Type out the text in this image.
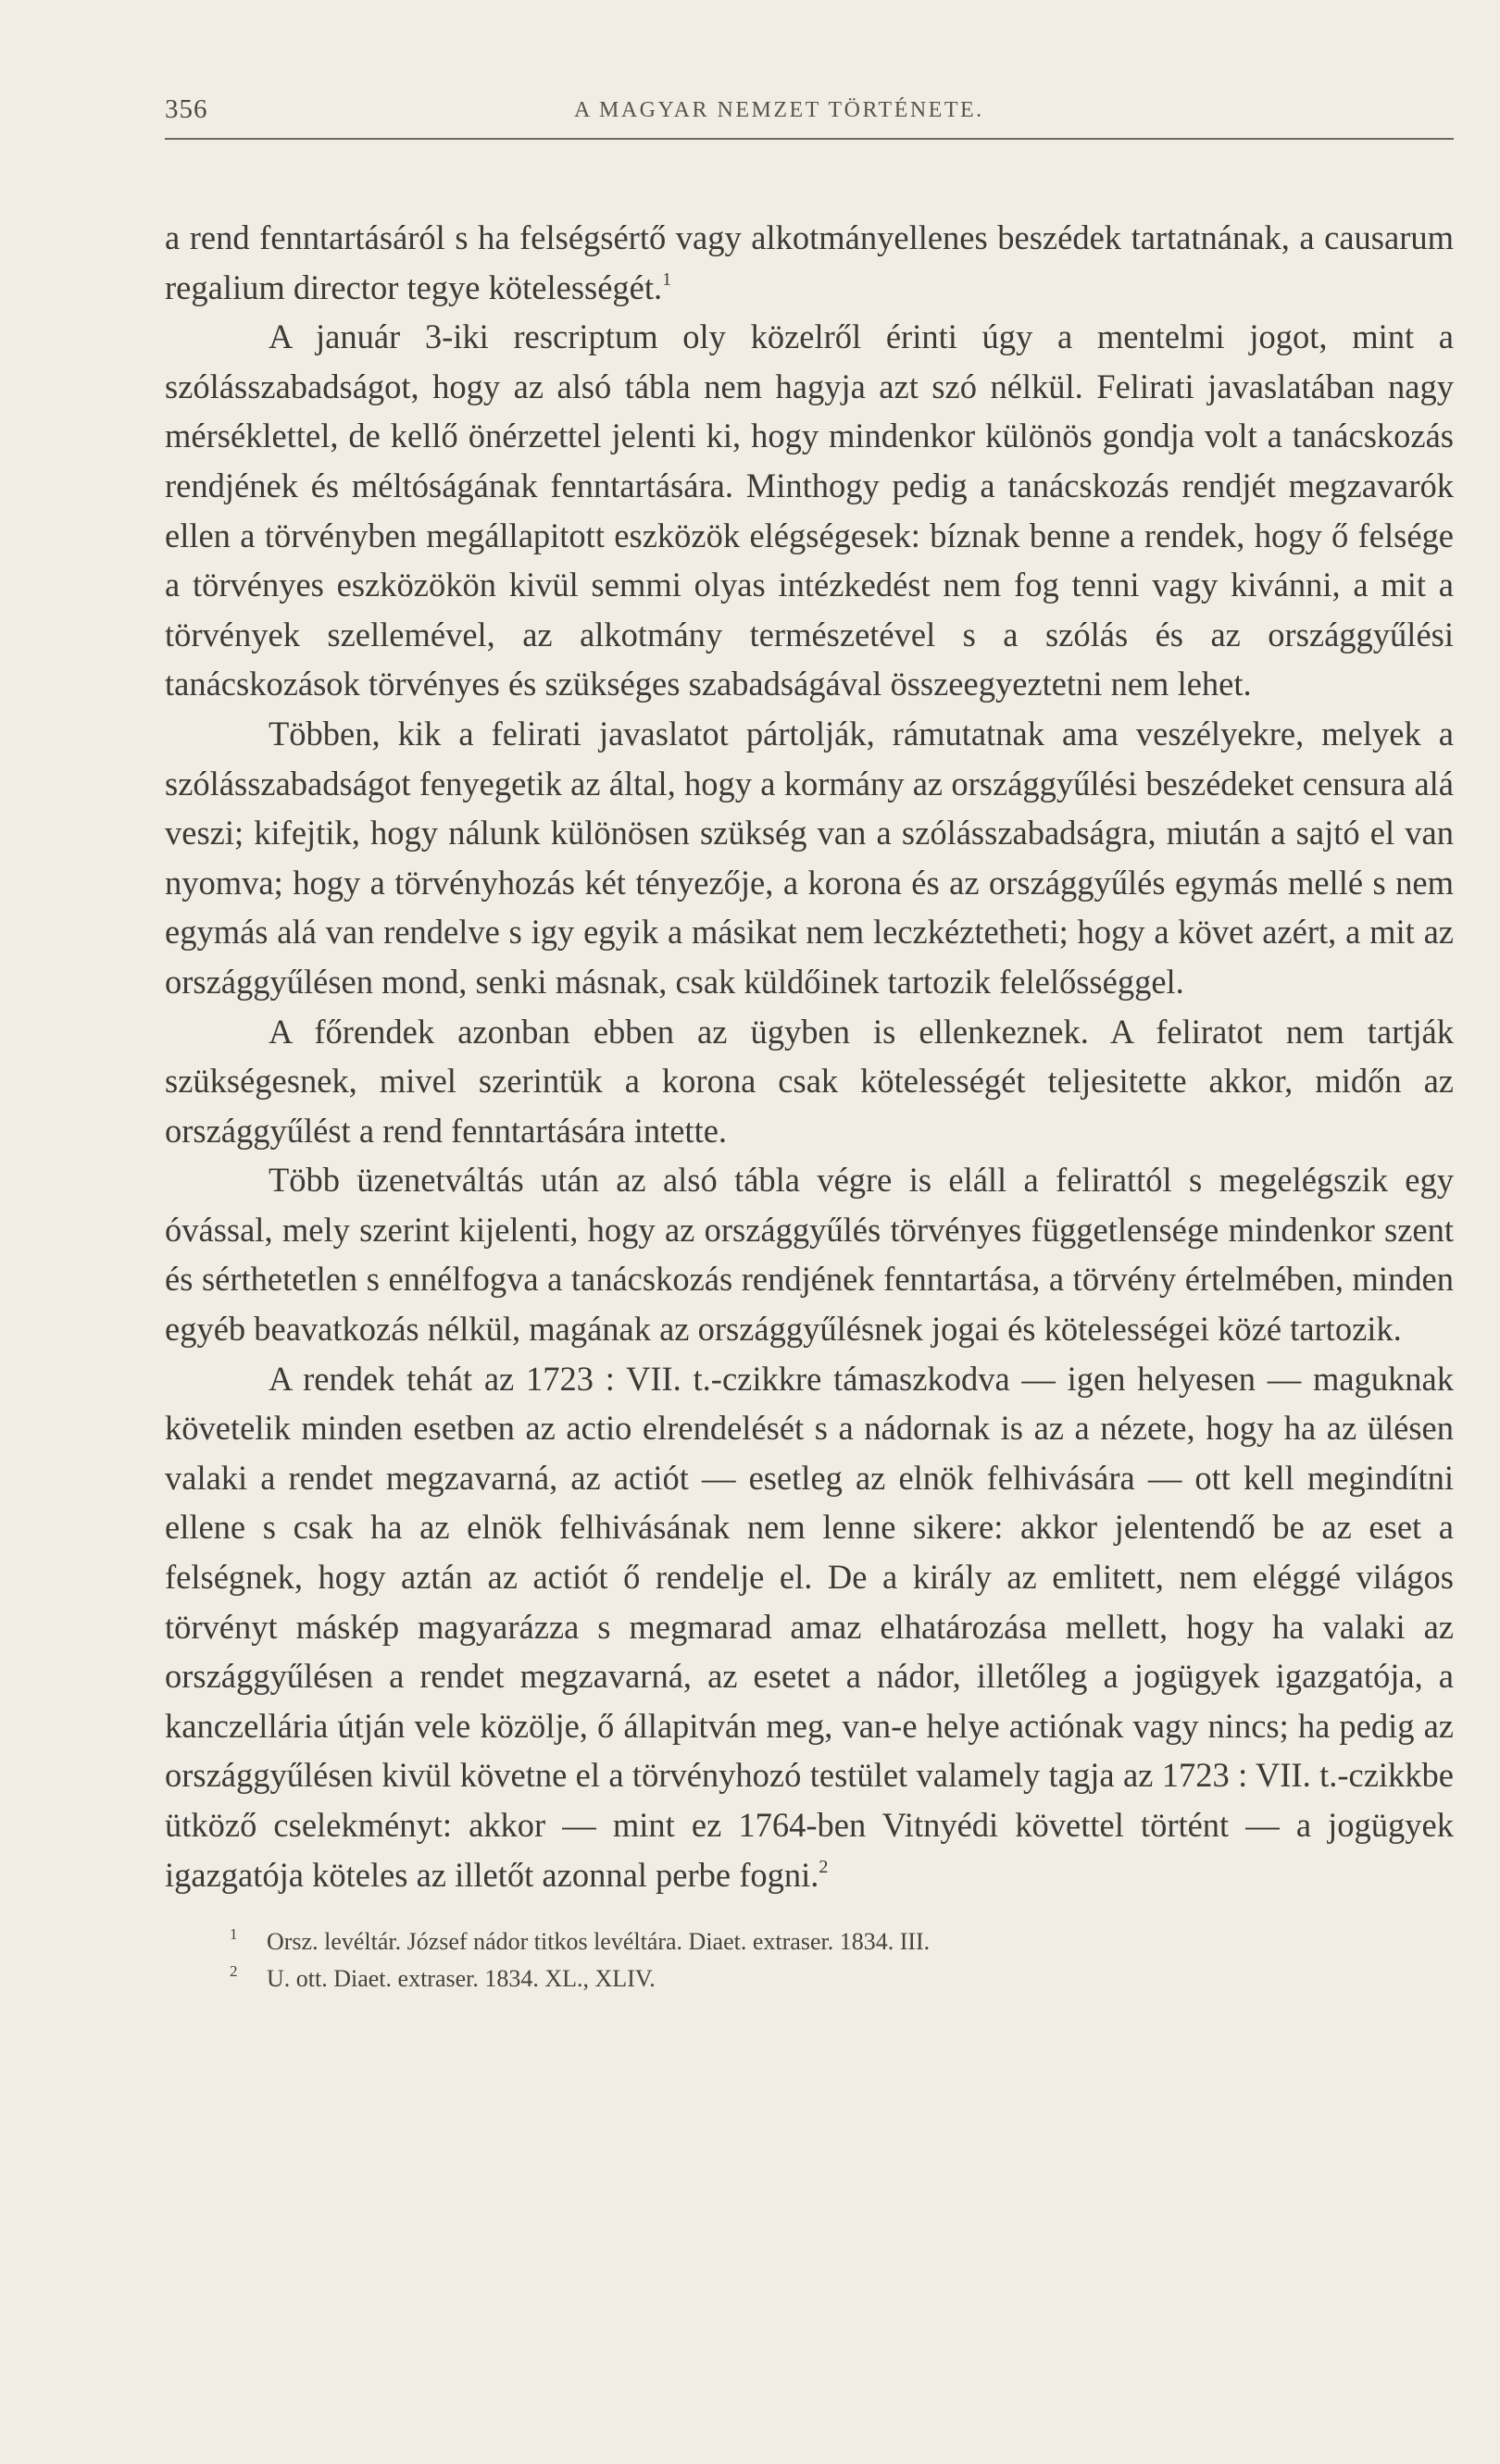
356	A MAGYAR NEMZET TÖRTÉNETE.

a rend fenntartásáról s ha felségsértő vagy alkotmányellenes beszédek tartatnának, a causarum regalium director tegye kötelességét.$^1$

A január 3-iki rescriptum oly közelről érinti úgy a mentelmi jogot, mint a szólásszabadságot, hogy az alsó tábla nem hagyja azt szó nélkül. Felirati javaslatában nagy mérséklettel, de kellő önérzettel jelenti ki, hogy mindenkor különös gondja volt a tanácskozás rendjének és méltóságának fenntartására. Minthogy pedig a tanácskozás rendjét megzavarók ellen a törvényben megállapitott eszközök elégségesek: bíznak benne a rendek, hogy ő felsége a törvényes eszközökön kivül semmi olyas intézkedést nem fog tenni vagy kivánni, a mit a törvények szellemével, az alkotmány természetével s a szólás és az országgyűlési tanácskozások törvényes és szükséges szabadságával összeegyeztetni nem lehet.

Többen, kik a felirati javaslatot pártolják, rámutatnak ama veszélyekre, melyek a szólásszabadságot fenyegetik az által, hogy a kormány az országgyűlési beszédeket censura alá veszi; kifejtik, hogy nálunk különösen szükség van a szólásszabadságra, miután a sajtó el van nyomva; hogy a törvényhozás két tényezője, a korona és az országgyűlés egymás mellé s nem egymás alá van rendelve s igy egyik a másikat nem leczkéztetheti; hogy a követ azért, a mit az országgyűlésen mond, senki másnak, csak küldőinek tartozik felelősséggel.

A főrendek azonban ebben az ügyben is ellenkeznek. A feliratot nem tartják szükségesnek, mivel szerintük a korona csak kötelességét teljesitette akkor, midőn az országgyűlést a rend fenntartására intette.

Több üzenetváltás után az alsó tábla végre is eláll a felirattól s megelégszik egy óvással, mely szerint kijelenti, hogy az országgyűlés törvényes függetlensége mindenkor szent és sérthetetlen s ennélfogva a tanácskozás rendjének fenntartása, a törvény értelmében, minden egyéb beavatkozás nélkül, magának az országgyűlésnek jogai és kötelességei közé tartozik.

A rendek tehát az 1723 : VII. t.-czikkre támaszkodva — igen helyesen — maguknak követelik minden esetben az actio elrendelését s a nádornak is az a nézete, hogy ha az ülésen valaki a rendet megzavarná, az actiót — esetleg az elnök felhivására — ott kell megindítni ellene s csak ha az elnök felhivásának nem lenne sikere: akkor jelentendő be az eset a felségnek, hogy aztán az actiót ő rendelje el. De a király az emlitett, nem eléggé világos törvényt máskép magyarázza s megmarad amaz elhatározása mellett, hogy ha valaki az országgyűlésen a rendet megzavarná, az esetet a nádor, illetőleg a jogügyek igazgatója, a kanczellária útján vele közölje, ő állapitván meg, van-e helye actiónak vagy nincs; ha pedig az országgyűlésen kivül követne el a törvényhozó testület valamely tagja az 1723 : VII. t.-czikkbe ütköző cselekményt: akkor — mint ez 1764-ben Vitnyédi követtel történt — a jogügyek igazgatója köteles az illetőt azonnal perbe fogni.$^2$

1 Orsz. levéltár. József nádor titkos levéltára. Diaet. extraser. 1834. III.
2 U. ott. Diaet. extraser. 1834. XL., XLIV.
